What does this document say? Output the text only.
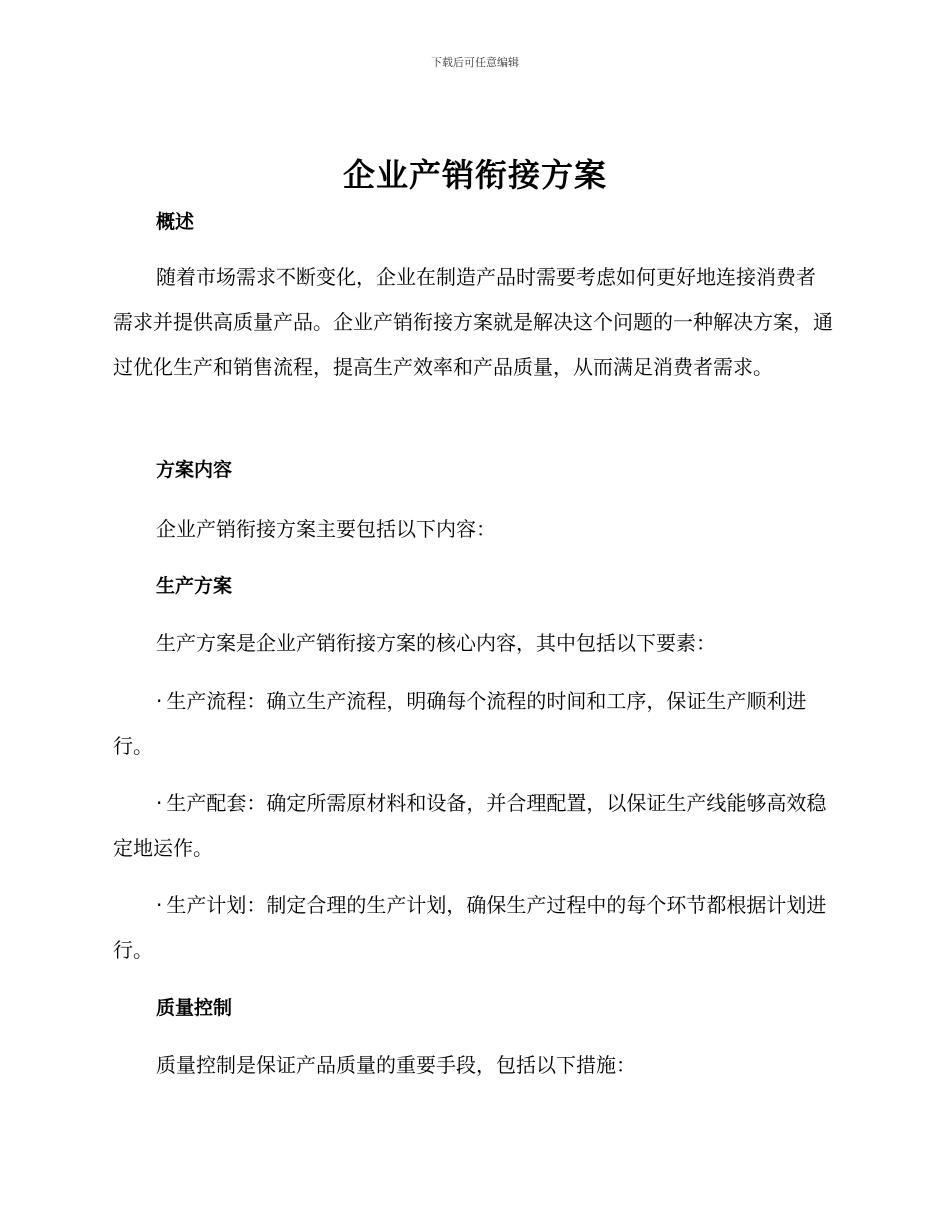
下载后可任意编辑
企业产销衔接方案
概述

随着市场需求不断变化，企业在制造产品时需要考虑如何更好地连接消费者需求并提供高质量产品。企业产销衔接方案就是解决这个问题的一种解决方案，通过优化生产和销售流程，提高生产效率和产品质量，从而满足消费者需求。

方案内容

企业产销衔接方案主要包括以下内容：

生产方案

生产方案是企业产销衔接方案的核心内容，其中包括以下要素：

· 生产流程：确立生产流程，明确每个流程的时间和工序，保证生产顺利进行。

· 生产配套：确定所需原材料和设备，并合理配置，以保证生产线能够高效稳定地运作。

· 生产计划：制定合理的生产计划，确保生产过程中的每个环节都根据计划进行。

质量控制

质量控制是保证产品质量的重要手段，包括以下措施：
